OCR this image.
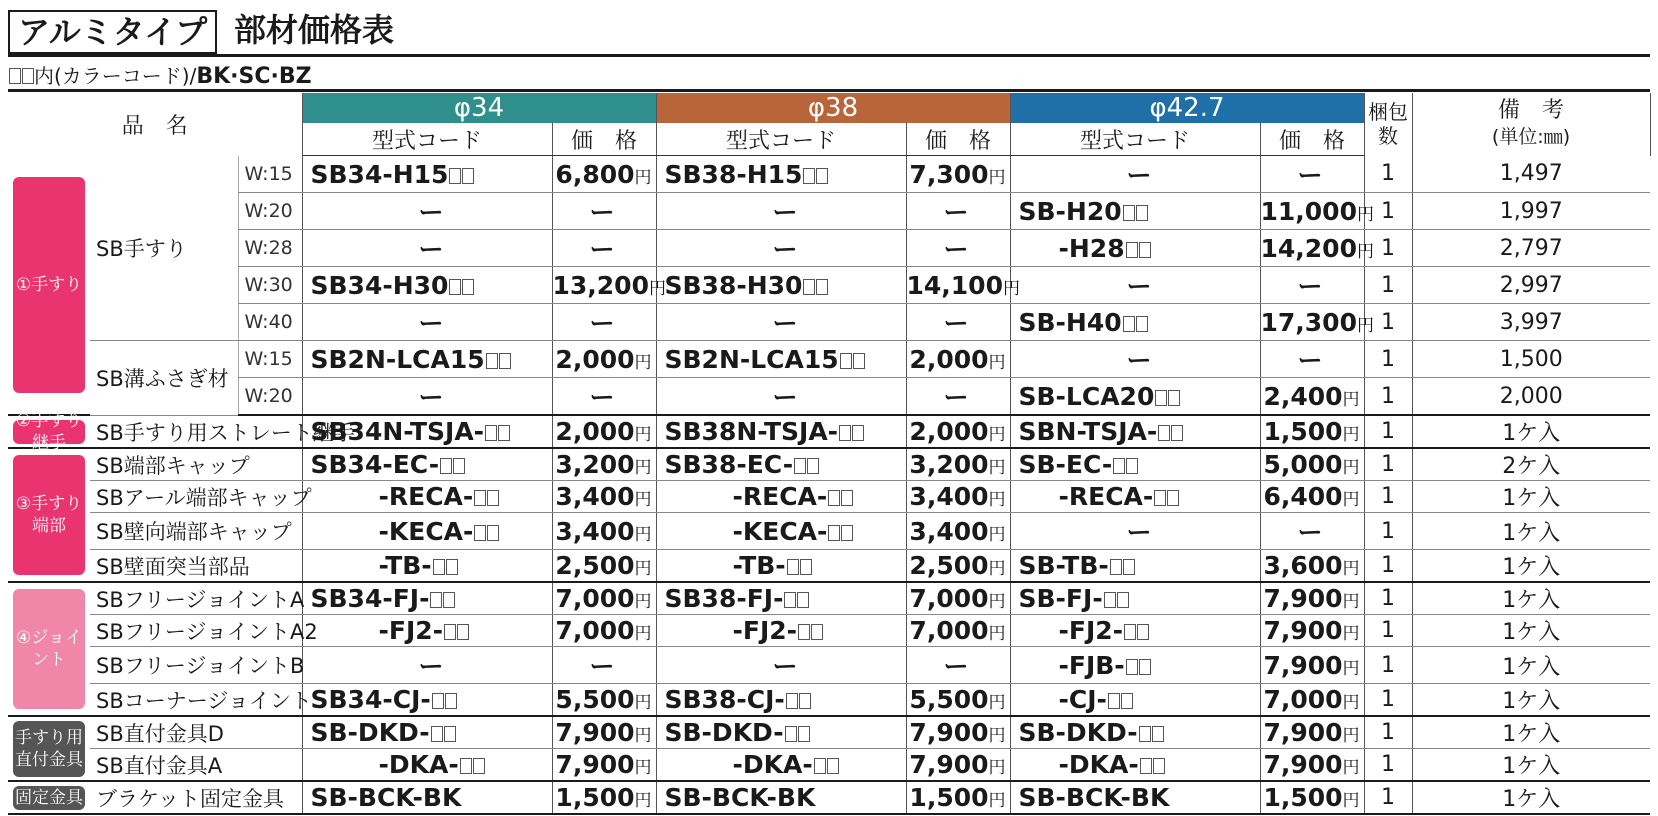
アルミタイプ 部材価格表
内(カラーコード)/BK·SC·BZ
品　名			φ34		φ38		φ42.7		梱包数	備　考
(単位:㎜)

			型式コード	価　格	型式コード	価　格	型式コード	価　格		

①手すり	SB手すり	W:15	SB34-H15	6,800円	SB38-H15	7,300円	ー	ー	1	1,497
		W:20	ー	ー	ー	ー	SB-H20	11,000円	1	1,997
		W:28	ー	ー	ー	ー	-H28	14,200円	1	2,797
		W:30	SB34-H30	13,200円	SB38-H30	14,100円	ー	ー	1	2,997
		W:40	ー	ー	ー	ー	SB-H40	17,300円	1	3,997
	SB溝ふさぎ材	W:15	SB2N-LCA15	2,000円	SB2N-LCA15	2,000円	ー	ー	1	1,500
		W:20	ー	ー	ー	ー	SB-LCA20	2,400円	1	2,000

②手すり継手	SB手すり用ストレート継手		SB34N-TSJA-	2,000円	SB38N-TSJA-	2,000円	SBN-TSJA-	1,500円	1	1ケ入

③手すり端部	SB端部キャップ		SB34-EC-	3,200円	SB38-EC-	3,200円	SB-EC-	5,000円	1	2ケ入
	SBアール端部キャップ		-RECA-	3,400円	-RECA-	3,400円	-RECA-	6,400円	1	1ケ入
	SB壁向端部キャップ		-KECA-	3,400円	-KECA-	3,400円	ー	ー	1	1ケ入
	SB壁面突当部品		-TB-	2,500円	-TB-	2,500円	SB-TB-	3,600円	1	1ケ入

④ジョイント	SBフリージョイントA		SB34-FJ-	7,000円	SB38-FJ-	7,000円	SB-FJ-	7,900円	1	1ケ入
	SBフリージョイントA2		-FJ2-	7,000円	-FJ2-	7,000円	-FJ2-	7,900円	1	1ケ入
	SBフリージョイントB		ー	ー	ー	ー	-FJB-	7,900円	1	1ケ入
	SBコーナージョイント		SB34-CJ-	5,500円	SB38-CJ-	5,500円	-CJ-	7,000円	1	1ケ入

手すり用直付金具	SB直付金具D		SB-DKD-	7,900円	SB-DKD-	7,900円	SB-DKD-	7,900円	1	1ケ入
	SB直付金具A		-DKA-	7,900円	-DKA-	7,900円	-DKA-	7,900円	1	1ケ入

固定金具	ブラケット固定金具		SB-BCK-BK	1,500円	SB-BCK-BK	1,500円	SB-BCK-BK	1,500円	1	1ケ入
